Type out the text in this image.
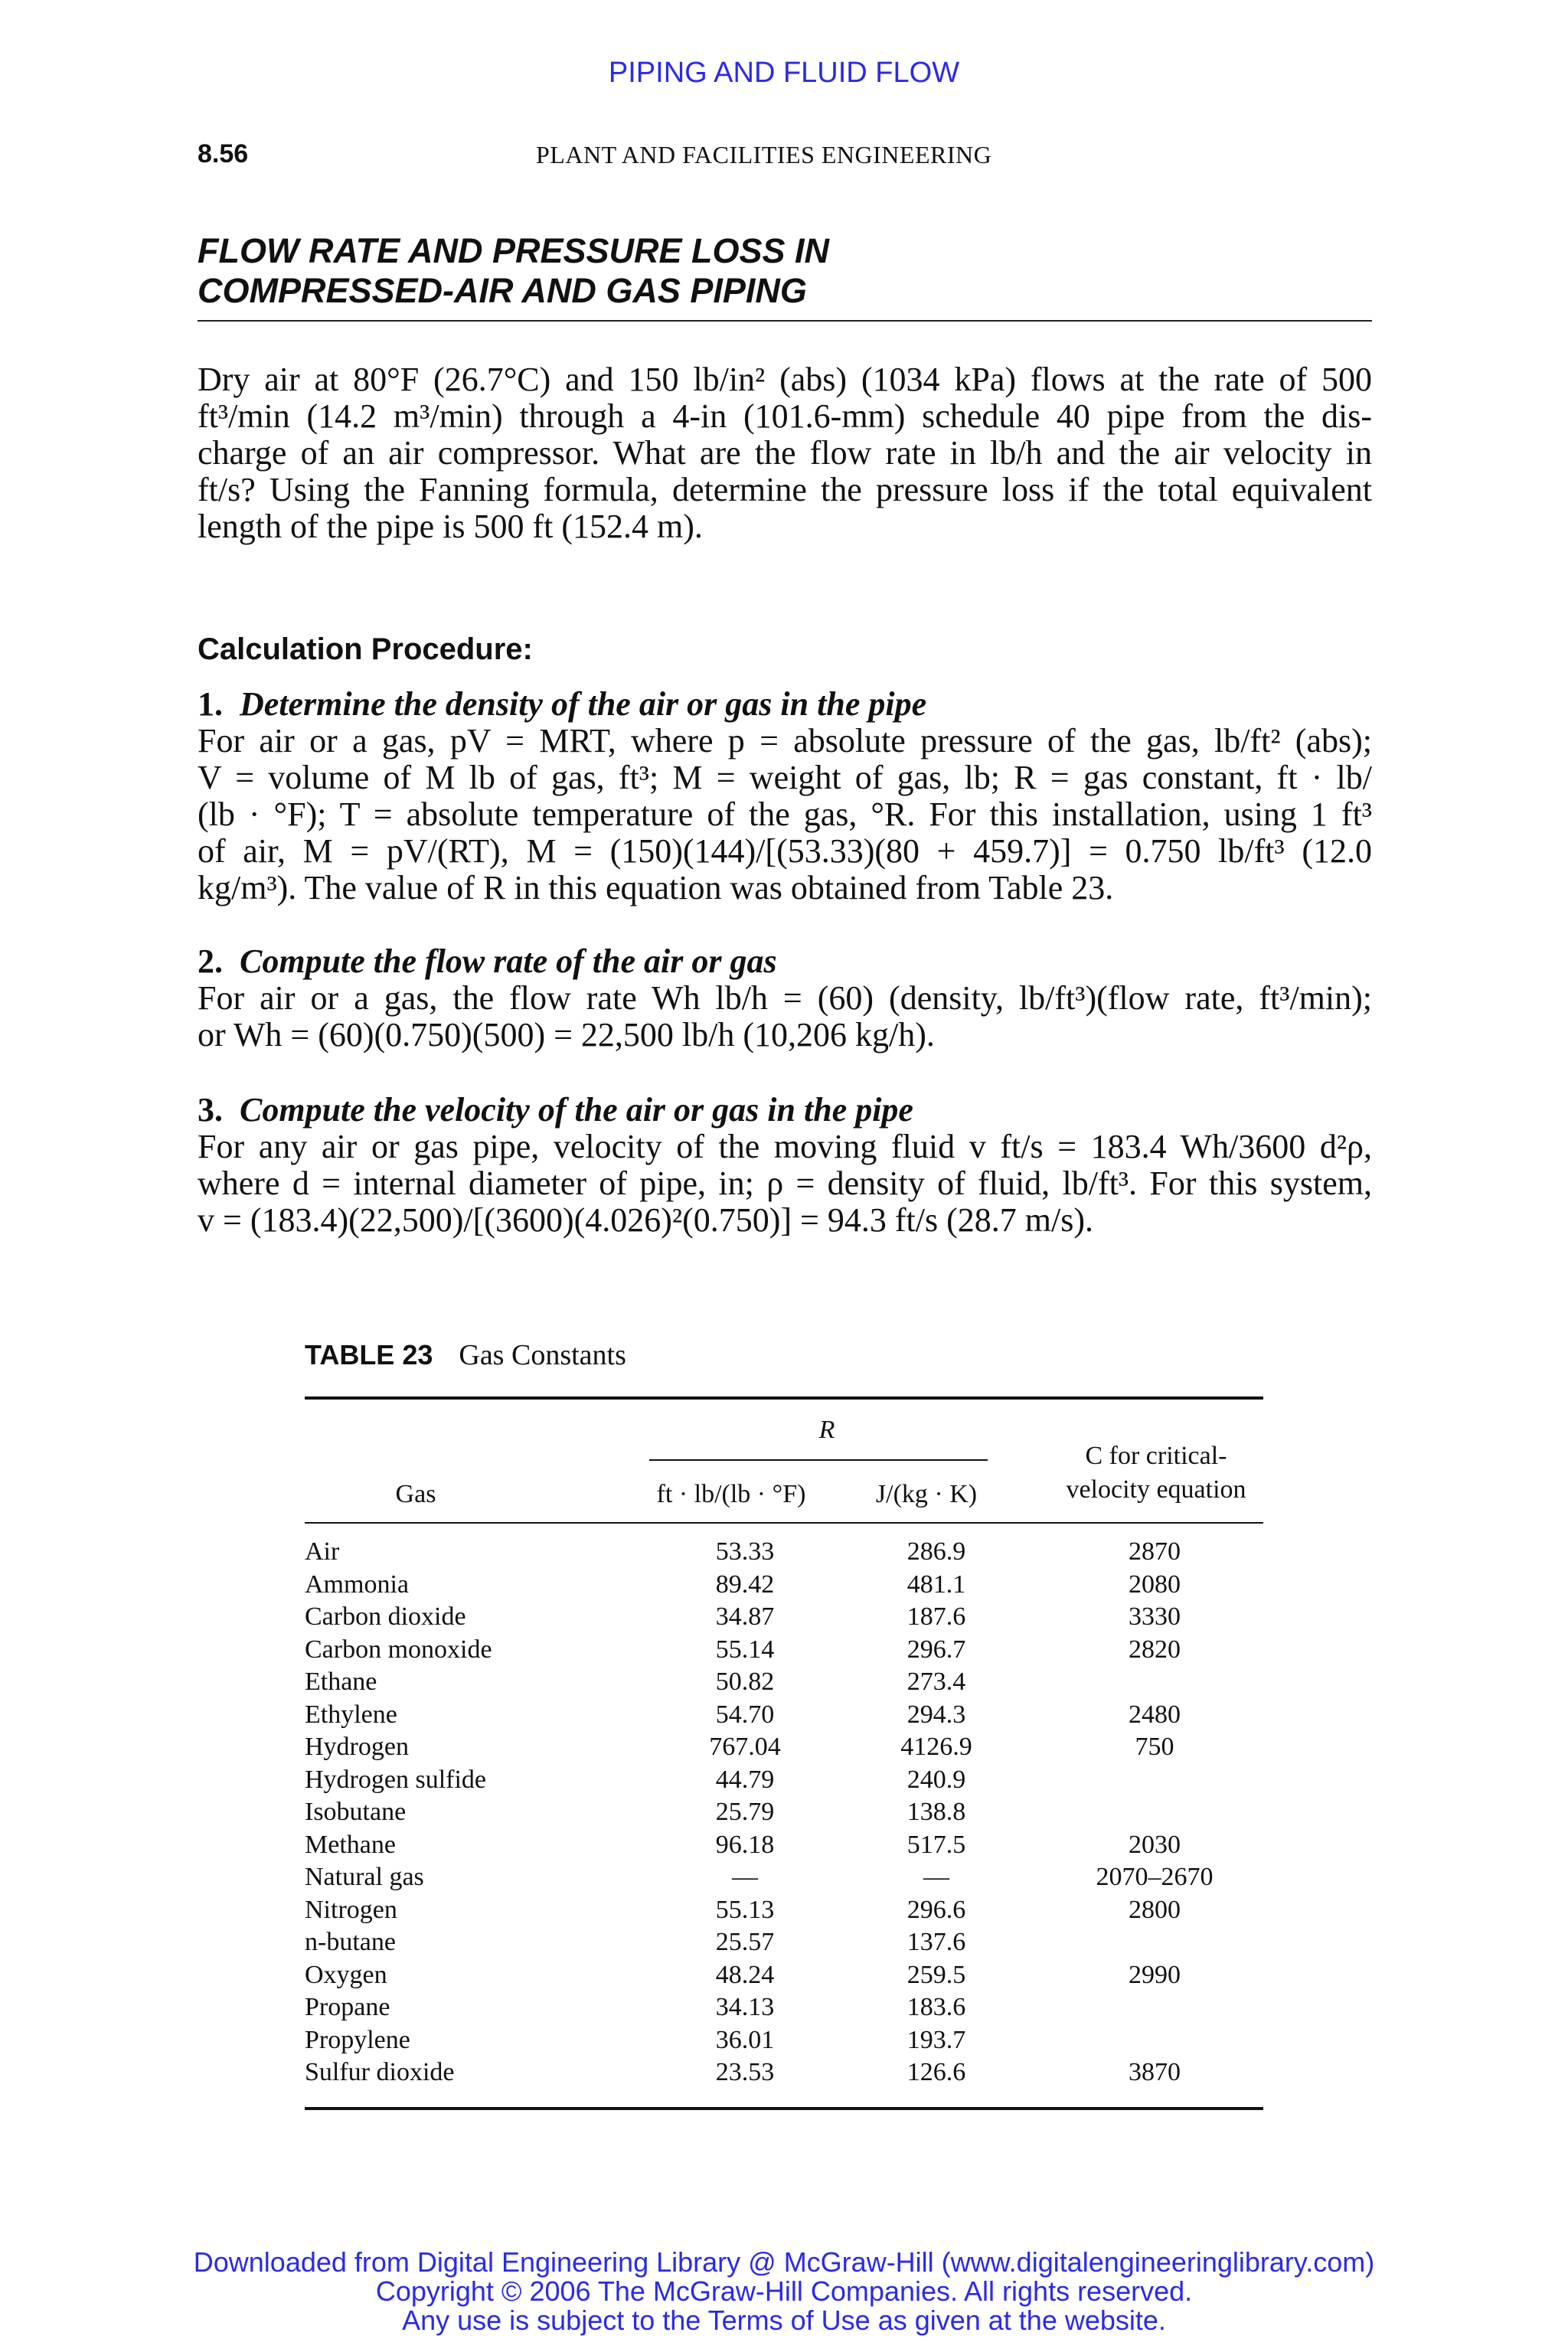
PIPING AND FLUID FLOW
8.56	PLANT AND FACILITIES ENGINEERING
FLOW RATE AND PRESSURE LOSS IN
COMPRESSED-AIR AND GAS PIPING
Dry air at 80°F (26.7°C) and 150 lb/in² (abs) (1034 kPa) flows at the rate of 500
ft³/min (14.2 m³/min) through a 4-in (101.6-mm) schedule 40 pipe from the dis-
charge of an air compressor. What are the flow rate in lb/h and the air velocity in
ft/s? Using the Fanning formula, determine the pressure loss if the total equivalent
length of the pipe is 500 ft (152.4 m).
Calculation Procedure:
1. Determine the density of the air or gas in the pipe
For air or a gas, pV = MRT, where p = absolute pressure of the gas, lb/ft² (abs);
V = volume of M lb of gas, ft³; M = weight of gas, lb; R = gas constant, ft · lb/
(lb · °F); T = absolute temperature of the gas, °R. For this installation, using 1 ft³
of air, M = pV/(RT), M = (150)(144)/[(53.33)(80 + 459.7)] = 0.750 lb/ft³ (12.0
kg/m³). The value of R in this equation was obtained from Table 23.
2. Compute the flow rate of the air or gas
For air or a gas, the flow rate Wh lb/h = (60) (density, lb/ft³)(flow rate, ft³/min);
or Wh = (60)(0.750)(500) = 22,500 lb/h (10,206 kg/h).
3. Compute the velocity of the air or gas in the pipe
For any air or gas pipe, velocity of the moving fluid v ft/s = 183.4 Wh/3600 d²ρ,
where d = internal diameter of pipe, in; ρ = density of fluid, lb/ft³. For this system,
v = (183.4)(22,500)/[(3600)(4.026)²(0.750)] = 94.3 ft/s (28.7 m/s).
TABLE 23 Gas Constants
R
Gas	ft · lb/(lb · °F)	J/(kg · K)
C for critical-
velocity equation
Air	53.33	286.9	2870
Ammonia	89.42	481.1	2080
Carbon dioxide	34.87	187.6	3330
Carbon monoxide	55.14	296.7	2820
Ethane	50.82	273.4
Ethylene	54.70	294.3	2480
Hydrogen	767.04	4126.9	750
Hydrogen sulfide	44.79	240.9
Isobutane	25.79	138.8
Methane	96.18	517.5	2030
Natural gas	—	—	2070–2670
Nitrogen	55.13	296.6	2800
n-butane	25.57	137.6
Oxygen	48.24	259.5	2990
Propane	34.13	183.6
Propylene	36.01	193.7
Sulfur dioxide	23.53	126.6	3870
Downloaded from Digital Engineering Library @ McGraw-Hill (www.digitalengineeringlibrary.com)
Copyright © 2006 The McGraw-Hill Companies. All rights reserved.
Any use is subject to the Terms of Use as given at the website.
